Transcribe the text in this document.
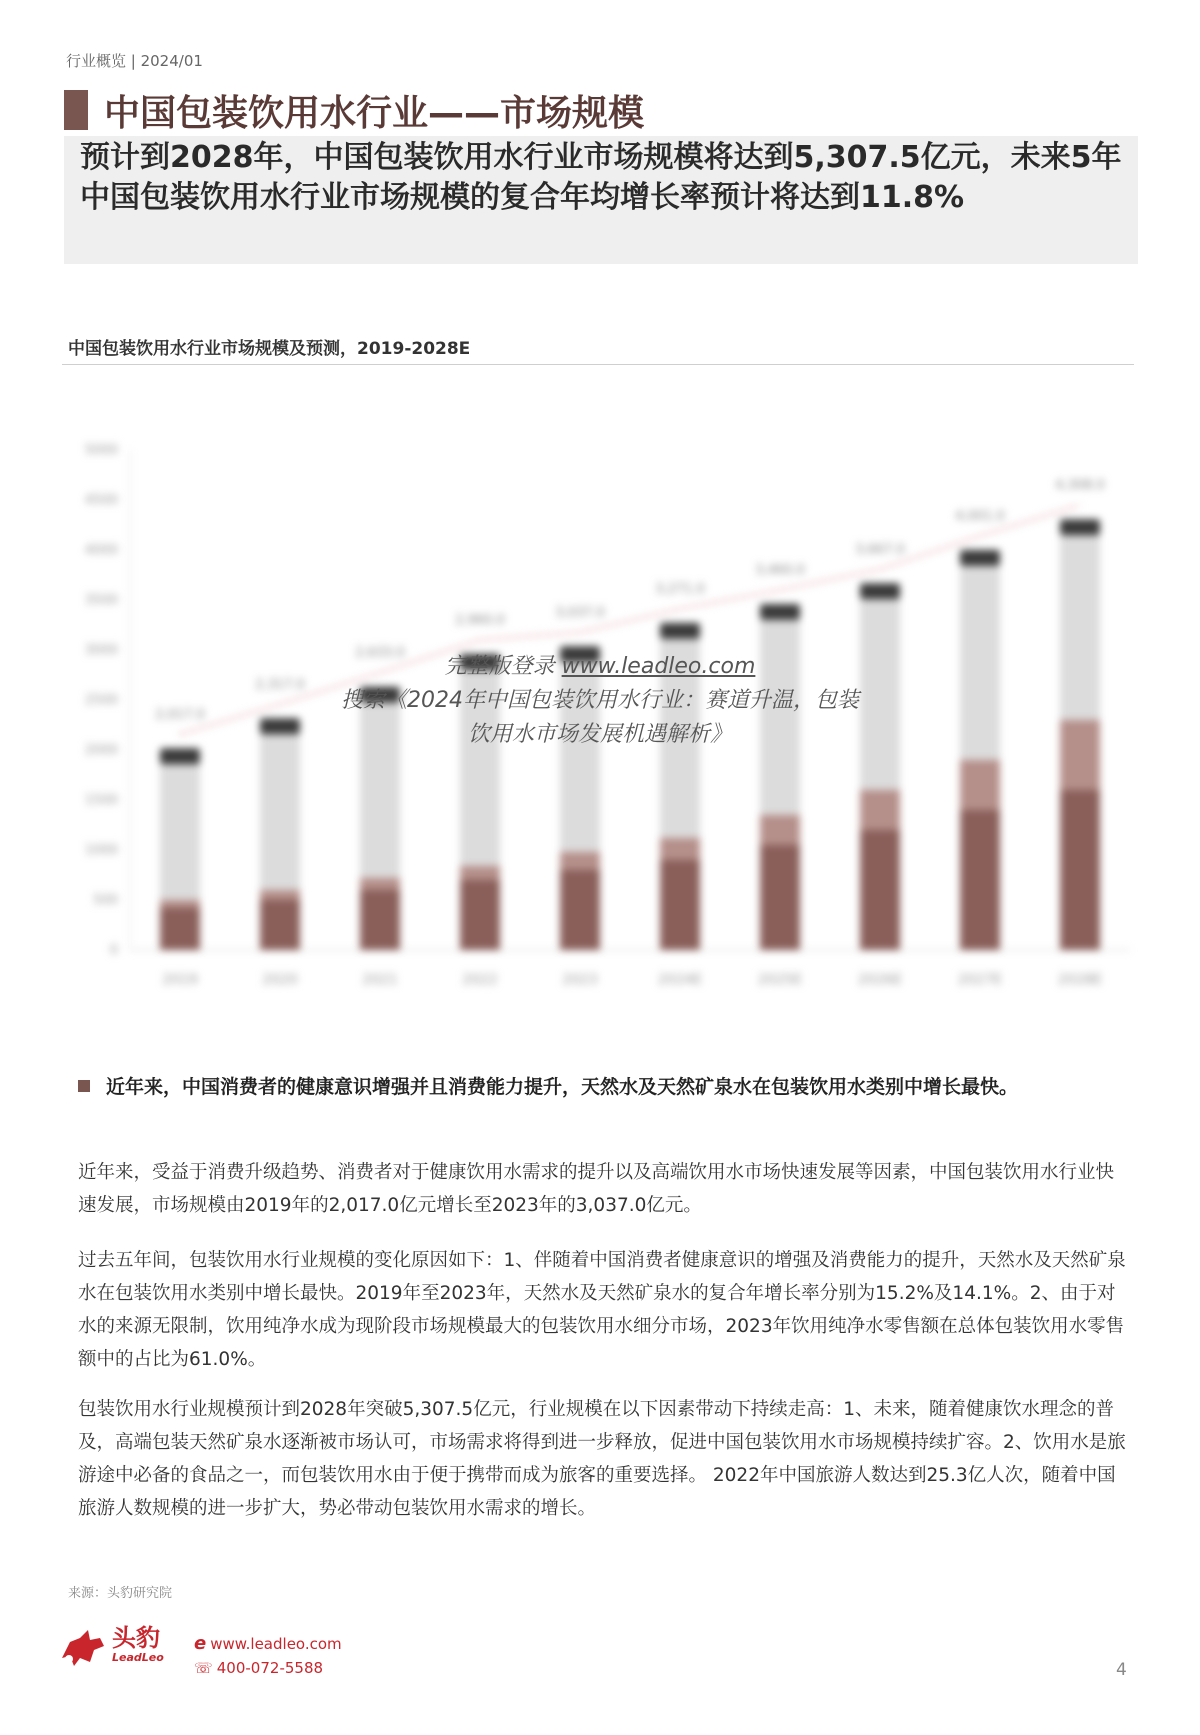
行业概览 | 2024/01
中国包装饮用水行业——市场规模
预计到2028年，中国包装饮用水行业市场规模将达到5,307.5亿元，未来5年中国包装饮用水行业市场规模的复合年均增长率预计将达到11.8%
中国包装饮用水行业市场规模及预测，2019-2028E
0
500
1000
1500
2000
2500
3000
3500
4000
4500
5000
2,017.0
2019
2,317.0
2020
2,633.0
2021
2,960.0
2022
3,037.0
2023
3,271.0
2024E
3,460.0
2025E
3,667.0
2026E
4,001.0
2027E
4,308.0
2028E
完整版登录 www.leadleo.com
搜索《2024年中国包装饮用水行业：赛道升温，包装
饮用水市场发展机遇解析》
近年来，中国消费者的健康意识增强并且消费能力提升，天然水及天然矿泉水在包装饮用水类别中增长最快。
近年来，受益于消费升级趋势、消费者对于健康饮用水需求的提升以及高端饮用水市场快速发展等因素，中国包装饮用水行业快速发展，市场规模由2019年的2,017.0亿元增长至2023年的3,037.0亿元。
过去五年间，包装饮用水行业规模的变化原因如下：1、伴随着中国消费者健康意识的增强及消费能力的提升，天然水及天然矿泉水在包装饮用水类别中增长最快。2019年至2023年，天然水及天然矿泉水的复合年增长率分别为15.2%及14.1%。2、由于对水的来源无限制，饮用纯净水成为现阶段市场规模最大的包装饮用水细分市场，2023年饮用纯净水零售额在总体包装饮用水零售额中的占比为61.0%。
包装饮用水行业规模预计到2028年突破5,307.5亿元，行业规模在以下因素带动下持续走高：1、未来，随着健康饮水理念的普及，高端包装天然矿泉水逐渐被市场认可，市场需求将得到进一步释放，促进中国包装饮用水市场规模持续扩容。2、饮用水是旅游途中必备的食品之一，而包装饮用水由于便于携带而成为旅客的重要选择。 2022年中国旅游人数达到25.3亿人次，随着中国旅游人数规模的进一步扩大，势必带动包装饮用水需求的增长。
来源：头豹研究院
头豹
LeadLeo
e www.leadleo.com
☏ 400-072-5588	4
